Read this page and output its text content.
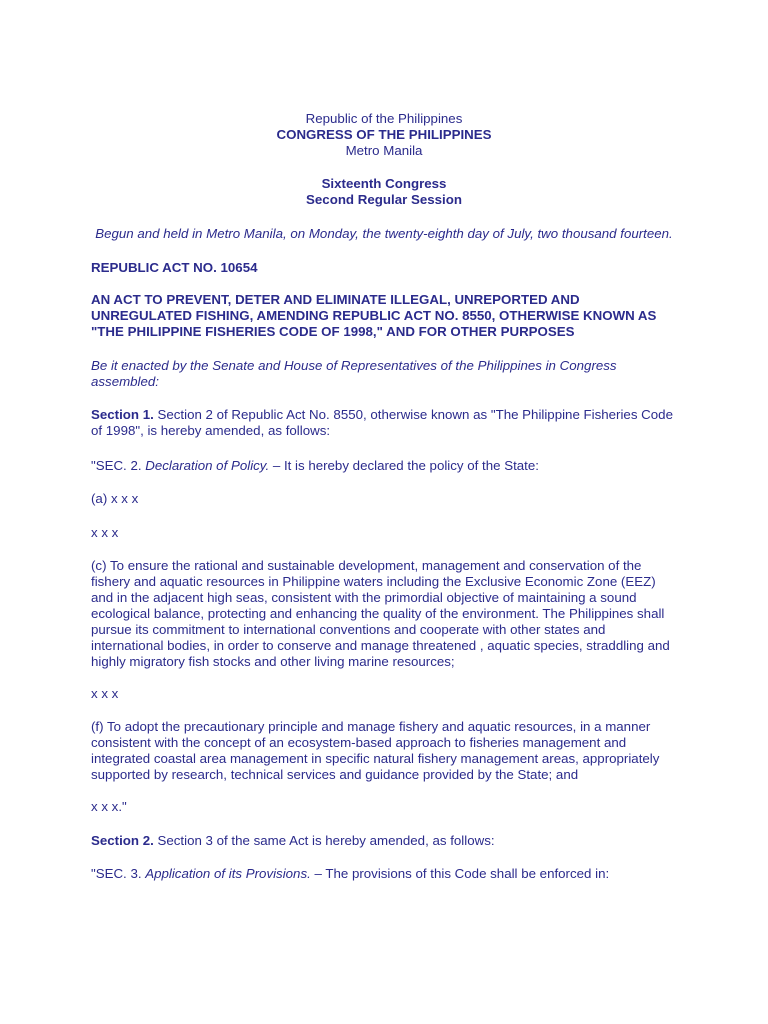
Republic of the Philippines
CONGRESS OF THE PHILIPPINES
Metro Manila
Sixteenth Congress
Second Regular Session
Begun and held in Metro Manila, on Monday, the twenty-eighth day of July, two thousand fourteen.

REPUBLIC ACT NO. 10654

AN ACT TO PREVENT, DETER AND ELIMINATE ILLEGAL, UNREPORTED AND UNREGULATED FISHING, AMENDING REPUBLIC ACT NO. 8550, OTHERWISE KNOWN AS "THE PHILIPPINE FISHERIES CODE OF 1998," AND FOR OTHER PURPOSES

Be it enacted by the Senate and House of Representatives of the Philippines in Congress assembled:

Section 1. Section 2 of Republic Act No. 8550, otherwise known as "The Philippine Fisheries Code of 1998", is hereby amended, as follows:

"SEC. 2. Declaration of Policy. – It is hereby declared the policy of the State:

(a) x x x

x x x

(c) To ensure the rational and sustainable development, management and conservation of the fishery and aquatic resources in Philippine waters including the Exclusive Economic Zone (EEZ) and in the adjacent high seas, consistent with the primordial objective of maintaining a sound ecological balance, protecting and enhancing the quality of the environment. The Philippines shall pursue its commitment to international conventions and cooperate with other states and international bodies, in order to conserve and manage threatened , aquatic species, straddling and highly migratory fish stocks and other living marine resources;

x x x

(f) To adopt the precautionary principle and manage fishery and aquatic resources, in a manner consistent with the concept of an ecosystem-based approach to fisheries management and integrated coastal area management in specific natural fishery management areas, appropriately supported by research, technical services and guidance provided by the State; and

x x x."

Section 2. Section 3 of the same Act is hereby amended, as follows:

"SEC. 3. Application of its Provisions. – The provisions of this Code shall be enforced in:
